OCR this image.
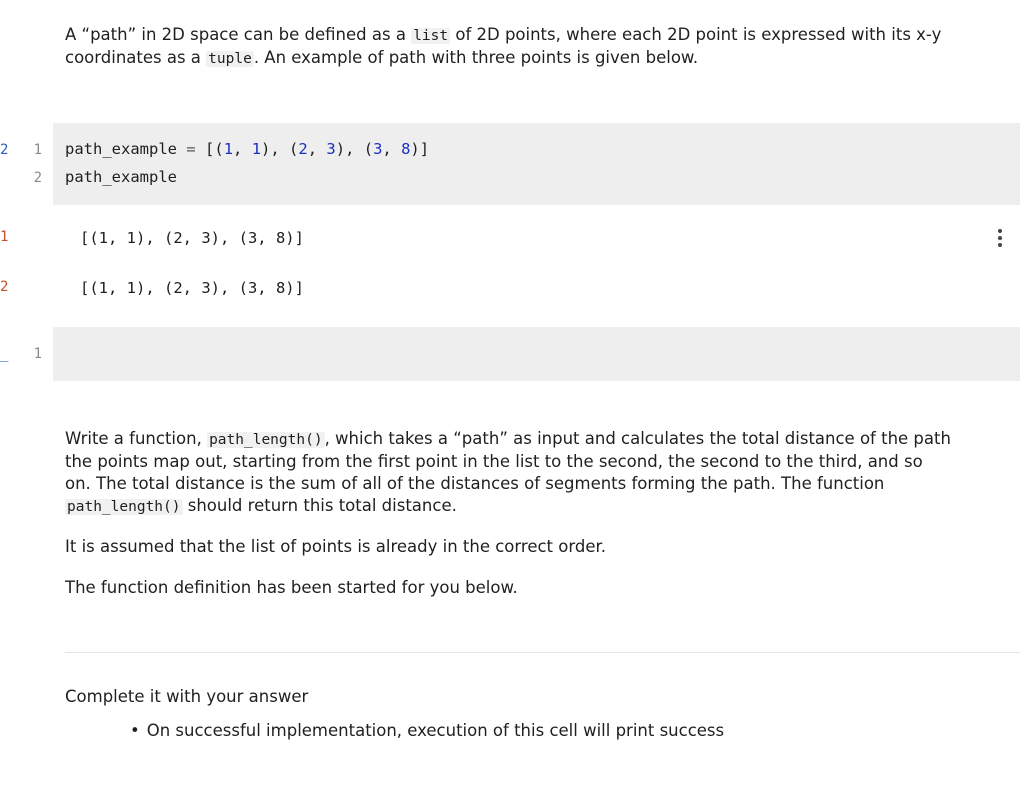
A “path” in 2D space can be defined as a list of 2D points, where each 2D point is expressed with its x-y

coordinates as a tuple . An example of path with three points is given below.

2	1
2
path_example = [(1, 1), (2, 3), (3, 8)]
path_example
1	[(1, 1), (2, 3), (3, 8)]
2	[(1, 1), (2, 3), (3, 8)]
_	1

Write a function, path_length() , which takes a “path” as input and calculates the total distance of the path
the points map out, starting from the first point in the list to the second, the second to the third, and so
on. The total distance is the sum of all of the distances of segments forming the path. The function
path_length() should return this total distance.

It is assumed that the list of points is already in the correct order.
The function definition has been started for you below.
Complete it with your answer
• On successful implementation, execution of this cell will print success
